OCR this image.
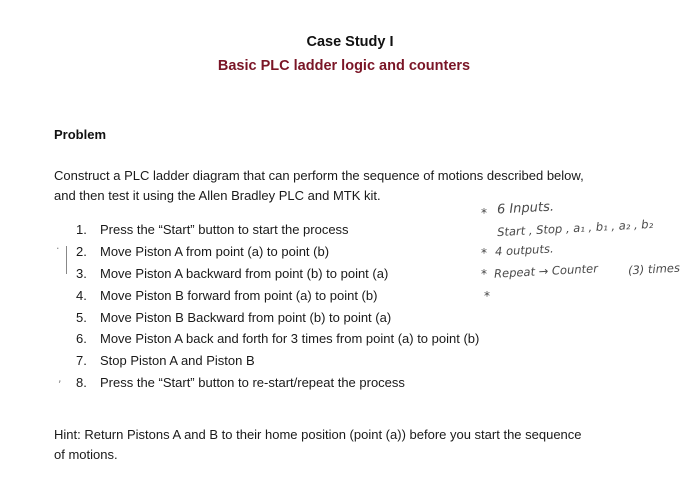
Case Study I
Basic PLC ladder logic and counters
Problem
Construct a PLC ladder diagram that can perform the sequence of motions described below,
and then test it using the Allen Bradley PLC and MTK kit.
1. Press the “Start” button to start the process
2. Move Piston A from point (a) to point (b)
3. Move Piston A backward from point (b) to point (a)
4. Move Piston B forward from point (a) to point (b)
5. Move Piston B Backward from point (b) to point (a)
6. Move Piston A back and forth for 3 times from point (a) to point (b)
7. Stop Piston A and Piston B
8. Press the “Start” button to re-start/repeat the process
Hint: Return Pistons A and B to their home position (point (a)) before you start the sequence
of motions.
·
,
* 6 Inputs.
Start , Stop , a₁ , b₁ , a₂ , b₂
* 4 outputs.
* Repeat → Counter	(3) times
*
